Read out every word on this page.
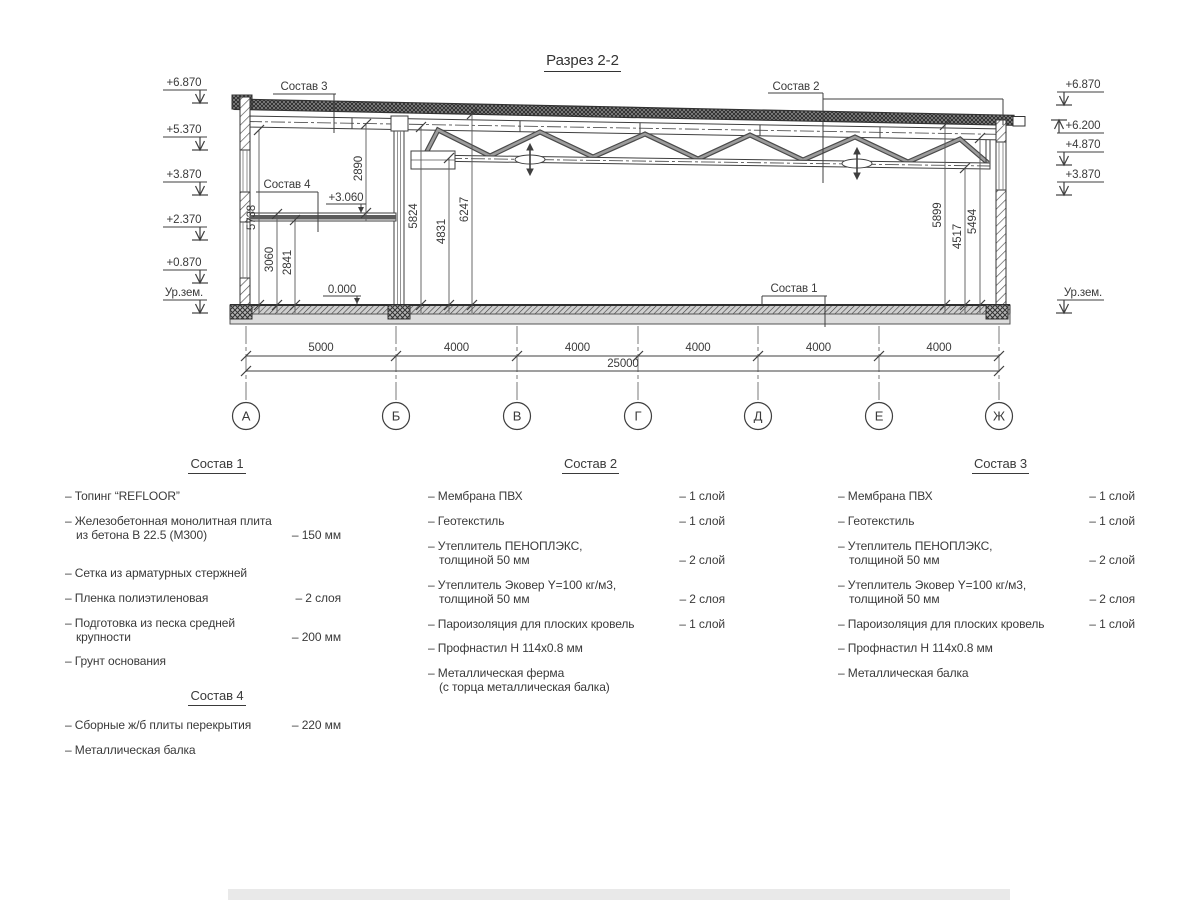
Разрез 2-2
5738
3060 2841
2890
5824
4831
6247	5899
4517
5494
+3.060
0.000
+6.870
+5.370
+3.870
+2.370
+0.870
Ур.зем.
+6.870
+6.200
+4.870
+3.870
Ур.зем.
А	Б	В	Г	Д	Е	Ж
5000	4000	4000	4000	4000	4000
25000
Состав 3
Состав 4
Состав 2
Состав 1
Состав 1
– Топинг “REFLOOR”
– Железобетонная монолитная плита
из бетона В 22.5 (М300)	– 150 мм
– Сетка из арматурных стержней
– Пленка полиэтиленовая	– 2 слоя
– Подготовка из песка средней
крупности	– 200 мм
– Грунт основания
Состав 2
– Мембрана ПВХ	– 1 слой
– Геотекстиль	– 1 слой
– Утеплитель ПЕНОПЛЭКС,
толщиной 50 мм	– 2 слой
– Утеплитель Эковер Y=100 кг/м3,
толщиной 50 мм	– 2 слоя
– Пароизоляция для плоских кровель	– 1 слой
– Профнастил Н 114х0.8 мм
– Металлическая ферма
(с торца металлическая балка)
Состав 3
– Мембрана ПВХ	– 1 слой
– Геотекстиль	– 1 слой
– Утеплитель ПЕНОПЛЭКС,
толщиной 50 мм	– 2 слой
– Утеплитель Эковер Y=100 кг/м3,
толщиной 50 мм	– 2 слоя
– Пароизоляция для плоских кровель	– 1 слой
– Профнастил Н 114х0.8 мм
– Металлическая балка
Состав 4
– Сборные ж/б плиты перекрытия	– 220 мм
– Металлическая балка
